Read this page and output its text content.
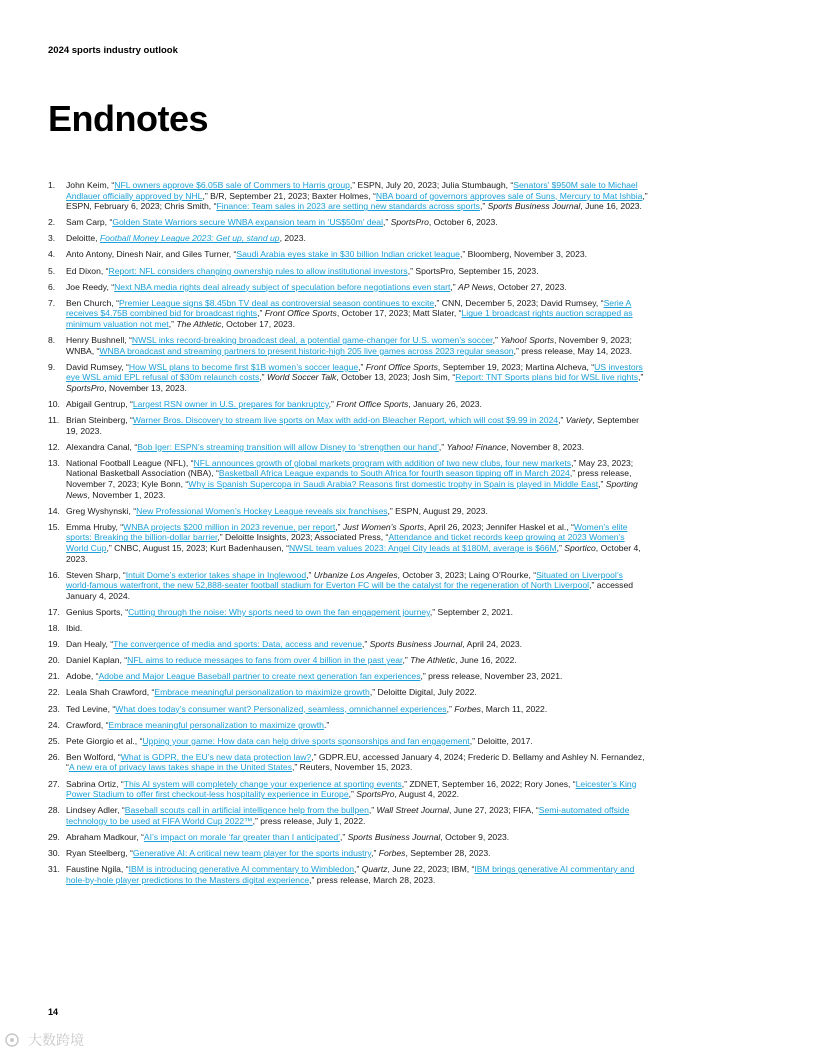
2024 sports industry outlook
Endnotes
1.	John Keim, “NFL owners approve $6.05B sale of Commers to Harris group,” ESPN, July 20, 2023; Julia Stumbaugh, “Senators’ $950M sale to Michael Andlauer officially approved by NHL,” B/R, September 21, 2023; Baxter Holmes, “NBA board of governors approves sale of Suns, Mercury to Mat Ishbia,” ESPN, February 6, 2023; Chris Smith, “Finance: Team sales in 2023 are setting new standards across sports,” Sports Business Journal, June 16, 2023.
2.	Sam Carp, “Golden State Warriors secure WNBA expansion team in ‘US$50m’ deal,” SportsPro, October 6, 2023.
3.	Deloitte, Football Money League 2023: Get up, stand up, 2023.
4.	Anto Antony, Dinesh Nair, and Giles Turner, “Saudi Arabia eyes stake in $30 billion Indian cricket league,” Bloomberg, November 3, 2023.
5.	Ed Dixon, “Report: NFL considers changing ownership rules to allow institutional investors,” SportsPro, September 15, 2023.
6.	Joe Reedy, “Next NBA media rights deal already subject of speculation before negotiations even start,” AP News, October 27, 2023.
7.	Ben Church, “Premier League signs $8.45bn TV deal as controversial season continues to excite,” CNN, December 5, 2023; David Rumsey, “Serie A receives $4.75B combined bid for broadcast rights,” Front Office Sports, October 17, 2023; Matt Slater, “Ligue 1 broadcast rights auction scrapped as minimum valuation not met,” The Athletic, October 17, 2023.
8.	Henry Bushnell, “NWSL inks record-breaking broadcast deal, a potential game-changer for U.S. women’s soccer,” Yahoo! Sports, November 9, 2023; WNBA, “WNBA broadcast and streaming partners to present historic-high 205 live games across 2023 regular season,” press release, May 14, 2023.
9.	David Rumsey, “How WSL plans to become first $1B women’s soccer league,” Front Office Sports, September 19, 2023; Martina Alcheva, “US investors eye WSL amid EPL refusal of $30m relaunch costs,” World Soccer Talk, October 13, 2023; Josh Sim, “Report: TNT Sports plans bid for WSL live rights,” SportsPro, November 13, 2023.
10. Abigail Gentrup, “Largest RSN owner in U.S. prepares for bankruptcy,” Front Office Sports, January 26, 2023.
11. Brian Steinberg, “Warner Bros. Discovery to stream live sports on Max with add-on Bleacher Report, which will cost $9.99 in 2024,” Variety, September 19, 2023.
12. Alexandra Canal, “Bob Iger: ESPN’s streaming transition will allow Disney to ‘strengthen our hand’,” Yahoo! Finance, November 8, 2023.
13. National Football League (NFL), “NFL announces growth of global markets program with addition of two new clubs, four new markets,” May 23, 2023; National Basketball Association (NBA), “Basketball Africa League expands to South Africa for fourth season tipping off in March 2024,” press release, November 7, 2023; Kyle Bonn, “Why is Spanish Supercopa in Saudi Arabia? Reasons first domestic trophy in Spain is played in Middle East,” Sporting News, November 1, 2023.
14. Greg Wyshynski, “New Professional Women’s Hockey League reveals six franchises,” ESPN, August 29, 2023.
15. Emma Hruby, “WNBA projects $200 million in 2023 revenue, per report,” Just Women’s Sports, April 26, 2023; Jennifer Haskel et al., “Women’s elite sports: Breaking the billion-dollar barrier,” Deloitte Insights, 2023; Associated Press, “Attendance and ticket records keep growing at 2023 Women’s World Cup,” CNBC, August 15, 2023; Kurt Badenhausen, “NWSL team values 2023: Angel City leads at $180M, average is $66M,” Sportico, October 4, 2023.
16. Steven Sharp, “Intuit Dome’s exterior takes shape in Inglewood,” Urbanize Los Angeles, October 3, 2023; Laing O’Rourke, “Situated on Liverpool’s world-famous waterfront, the new 52,888-seater football stadium for Everton FC will be the catalyst for the regeneration of North Liverpool,” accessed January 4, 2024.
17. Genius Sports, “Cutting through the noise: Why sports need to own the fan engagement journey,” September 2, 2021.
18. Ibid.
19. Dan Healy, “The convergence of media and sports: Data, access and revenue,” Sports Business Journal, April 24, 2023.
20. Daniel Kaplan, “NFL aims to reduce messages to fans from over 4 billion in the past year,” The Athletic, June 16, 2022.
21. Adobe, “Adobe and Major League Baseball partner to create next generation fan experiences,” press release, November 23, 2021.
22. Leala Shah Crawford, “Embrace meaningful personalization to maximize growth,” Deloitte Digital, July 2022.
23. Ted Levine, “What does today’s consumer want? Personalized, seamless, omnichannel experiences,” Forbes, March 11, 2022.
24. Crawford, “Embrace meaningful personalization to maximize growth.”
25. Pete Giorgio et al., “Upping your game: How data can help drive sports sponsorships and fan engagement,” Deloitte, 2017.
26. Ben Wolford, “What is GDPR, the EU’s new data protection law?,” GDPR.EU, accessed January 4, 2024; Frederic D. Bellamy and Ashley N. Fernandez, “A new era of privacy laws takes shape in the United States,” Reuters, November 15, 2023.
27. Sabrina Ortiz, “This AI system will completely change your experience at sporting events,” ZDNET, September 16, 2022; Rory Jones, “Leicester’s King Power Stadium to offer first checkout-less hospitality experience in Europe,” SportsPro, August 4, 2022.
28. Lindsey Adler, “Baseball scouts call in artificial intelligence help from the bullpen,” Wall Street Journal, June 27, 2023; FIFA, “Semi-automated offside technology to be used at FIFA World Cup 2022™,” press release, July 1, 2022.
29. Abraham Madkour, “AI’s impact on morale ‘far greater than I anticipated’,” Sports Business Journal, October 9, 2023.
30. Ryan Steelberg, “Generative AI: A critical new team player for the sports industry,” Forbes, September 28, 2023.
31. Faustine Ngila, “IBM is introducing generative AI commentary to Wimbledon,” Quartz, June 22, 2023; IBM, “IBM brings generative AI commentary and hole-by-hole player predictions to the Masters digital experience,” press release, March 28, 2023.
14
大数跨境
